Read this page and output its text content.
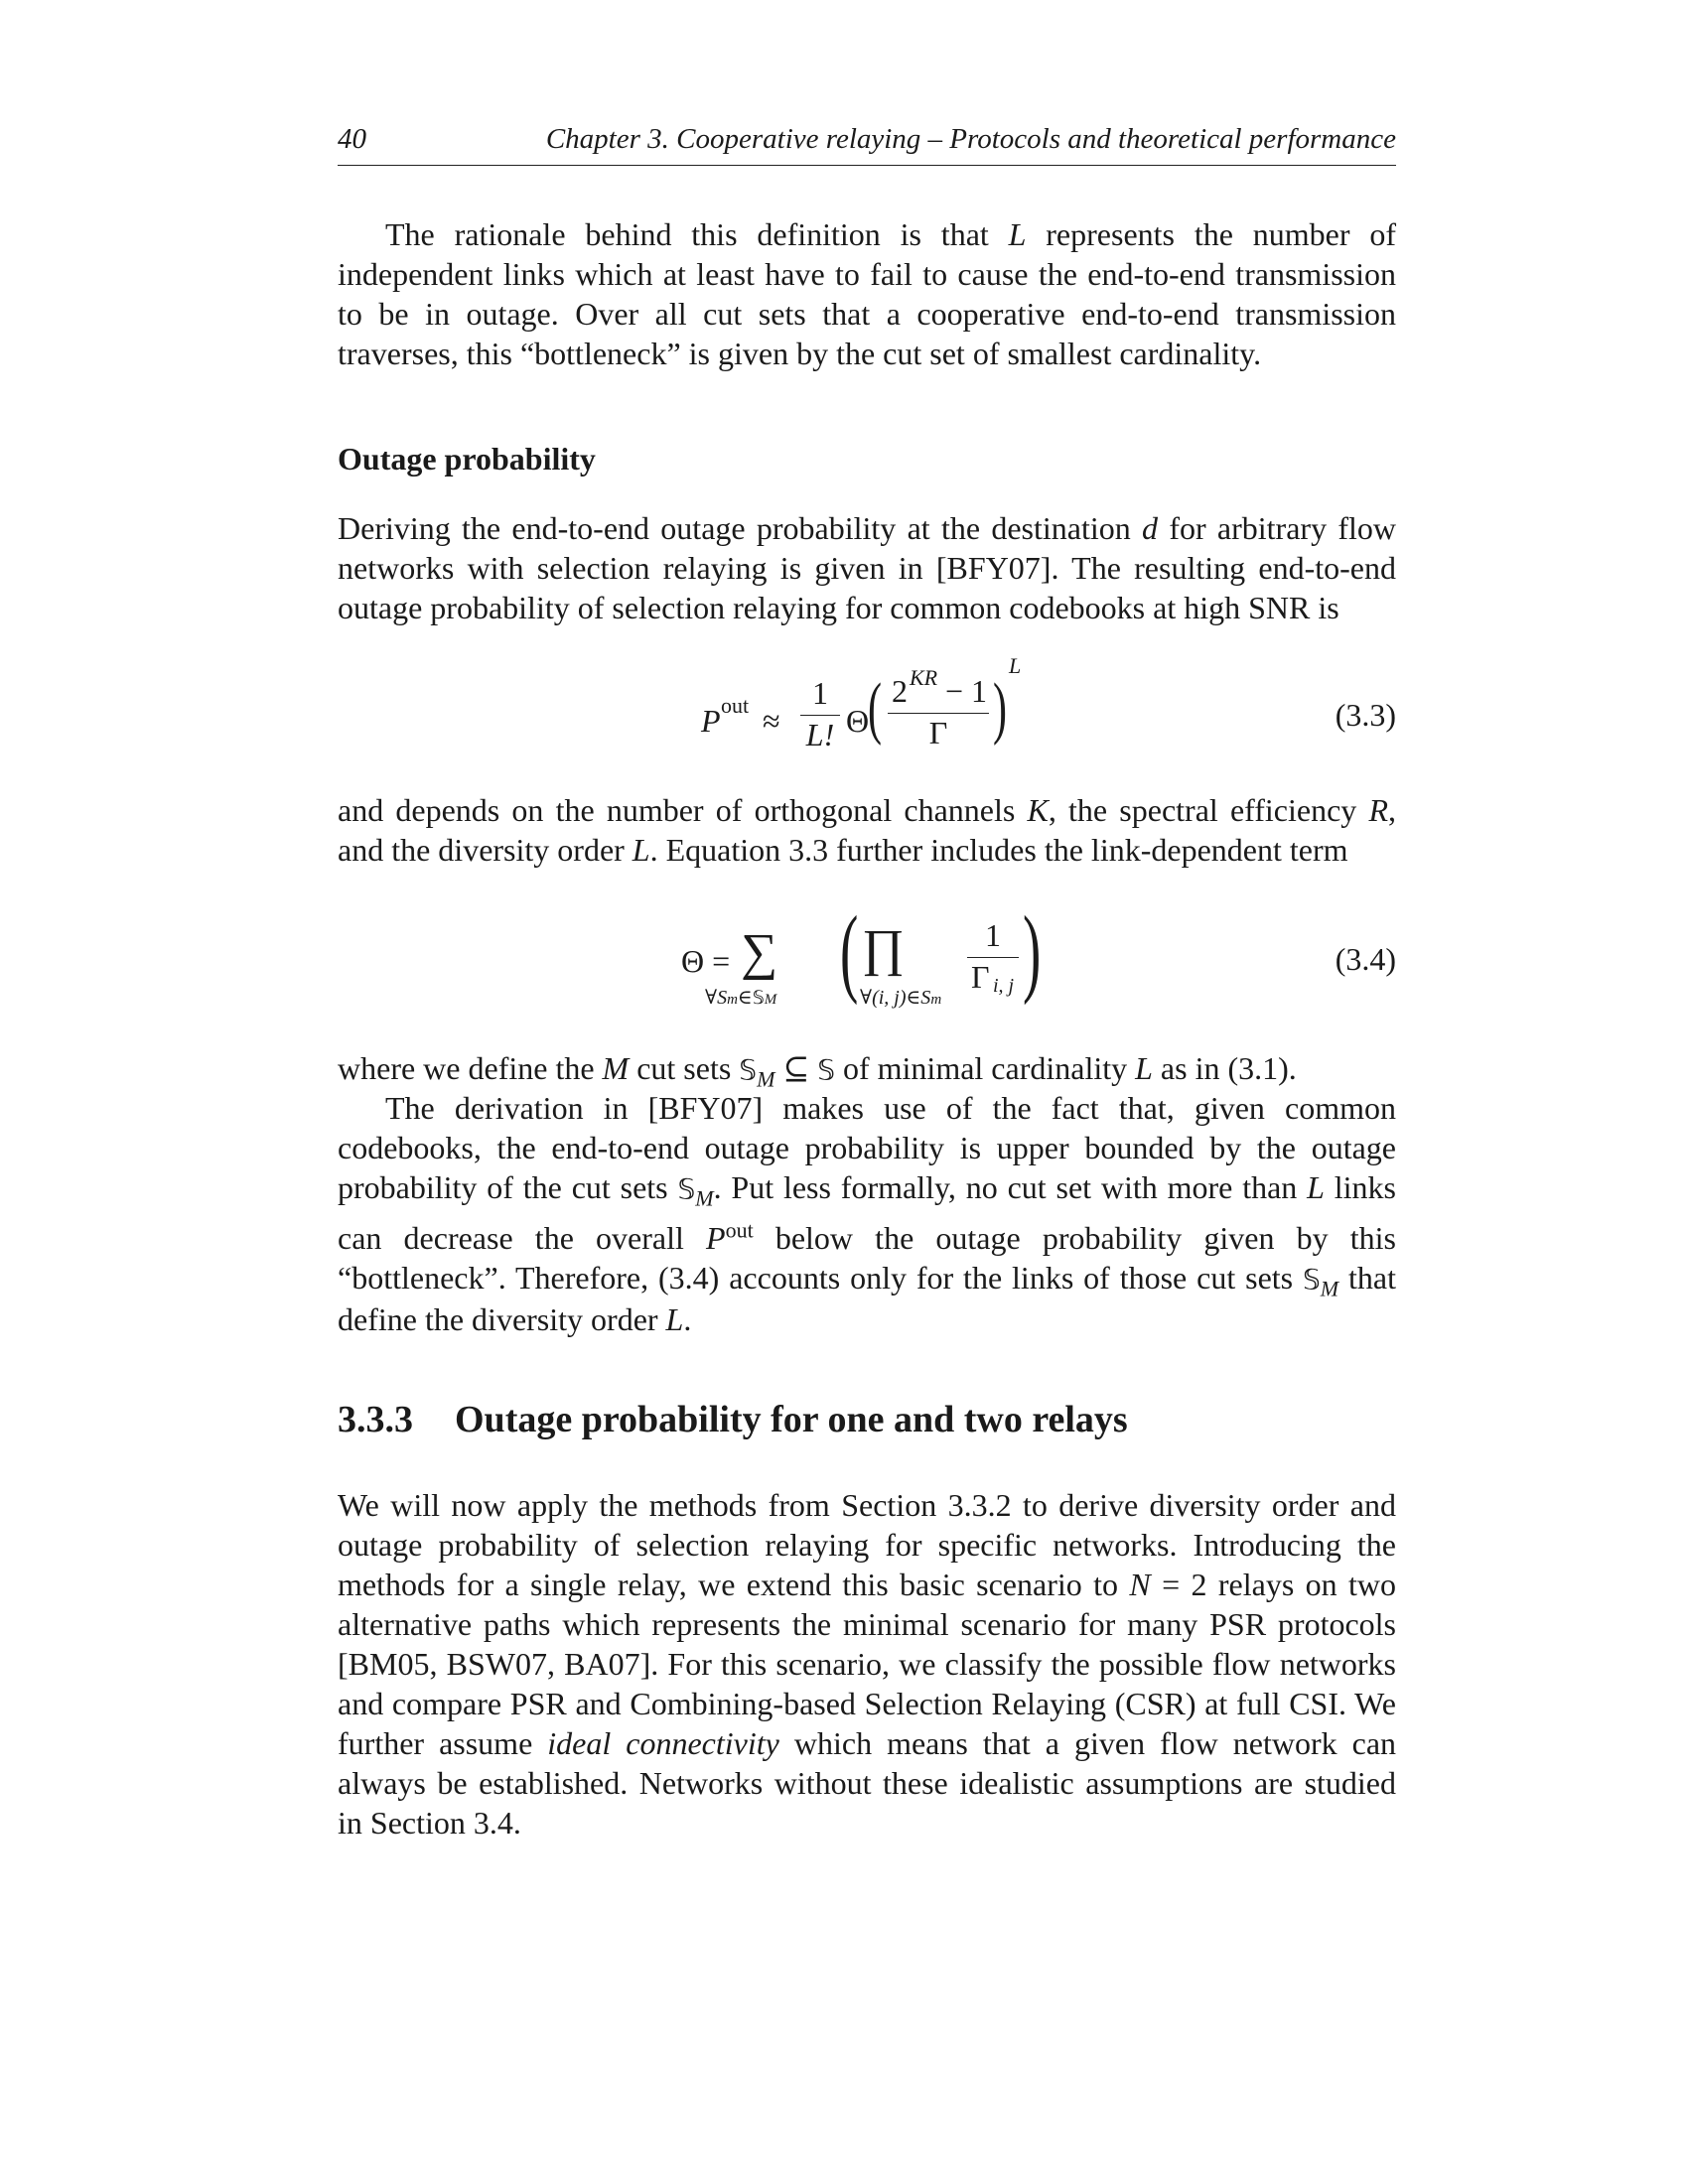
40	Chapter 3. Cooperative relaying – Protocols and theoretical performance

The rationale behind this definition is that L represents the number of independent links which at least have to fail to cause the end-to-end transmission to be in outage. Over all cut sets that a cooperative end-to-end transmission traverses, this “bottleneck” is given by the cut set of smallest cardinality.

Outage probability

Deriving the end-to-end outage probability at the destination d for arbitrary flow networks with selection relaying is given in [BFY07]. The resulting end-to-end outage probability of selection relaying for common codebooks at high SNR is

P out ≈
1
L! Θ
( 2 KR − 1
Γ )
L
(3.3)

and depends on the number of orthogonal channels K, the spectral efficiency R, and the diversity order L. Equation 3.3 further includes the link-dependent term

Θ = ∑
∀Sm∈𝕊M ( ∏
∀(i, j)∈Sm
1
Γ i, j )	(3.4)

where we define the M cut sets 𝕊$_M$ ⊆ 𝕊 of minimal cardinality L as in (3.1).

The derivation in [BFY07] makes use of the fact that, given common codebooks, the end-to-end outage probability is upper bounded by the outage probability of the cut sets 𝕊$_M$. Put less formally, no cut set with more than L links can decrease the overall $P^{out}$ below the outage probability given by this “bottleneck”. Therefore, (3.4) accounts only for the links of those cut sets 𝕊$_M$ that define the diversity order L.

3.3.3 Outage probability for one and two relays

We will now apply the methods from Section 3.3.2 to derive diversity order and outage probability of selection relaying for specific networks. Introducing the methods for a single relay, we extend this basic scenario to N = 2 relays on two alternative paths which represents the minimal scenario for many PSR protocols [BM05, BSW07, BA07]. For this scenario, we classify the possible flow networks and compare PSR and Combining-based Selection Relaying (CSR) at full CSI. We further assume ideal connectivity which means that a given flow network can always be established. Networks without these idealistic assumptions are studied in Section 3.4.
